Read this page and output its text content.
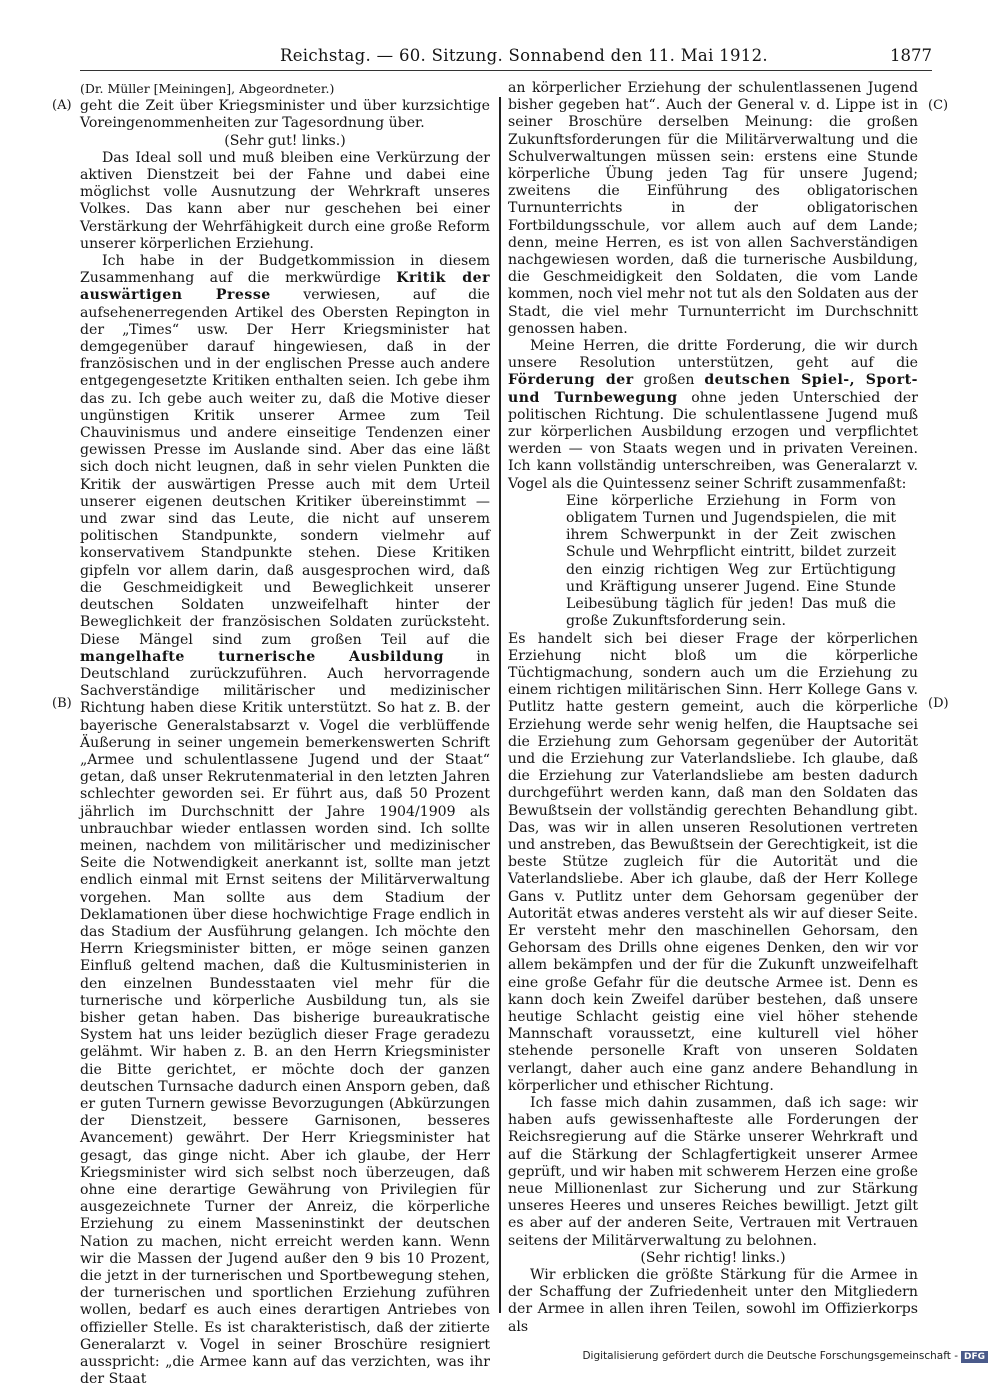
Reichstag. — 60. Sitzung. Sonnabend den 11. Mai 1912.	1877
(A)
(B)
(C)
(D)

(Dr. Müller [Meiningen], Abgeordneter.)

geht die Zeit über Kriegsminister und über kurzsichtige Voreingenommenheiten zur Tagesordnung über.

(Sehr gut! links.)

Das Ideal soll und muß bleiben eine Verkürzung der aktiven Dienstzeit bei der Fahne und dabei eine möglichst volle Ausnutzung der Wehrkraft unseres Volkes. Das kann aber nur geschehen bei einer Verstärkung der Wehrfähigkeit durch eine große Reform unserer körperlichen Erziehung.

Ich habe in der Budgetkommission in diesem Zusammenhang auf die merkwürdige Kritik der auswärtigen Presse verwiesen, auf die aufsehenerregenden Artikel des Obersten Repington in der „Times“ usw. Der Herr Kriegsminister hat demgegenüber darauf hingewiesen, daß in der französischen und in der englischen Presse auch andere entgegengesetzte Kritiken enthalten seien. Ich gebe ihm das zu. Ich gebe auch weiter zu, daß die Motive dieser ungünstigen Kritik unserer Armee zum Teil Chauvinismus und andere einseitige Tendenzen einer gewissen Presse im Auslande sind. Aber das eine läßt sich doch nicht leugnen, daß in sehr vielen Punkten die Kritik der auswärtigen Presse auch mit dem Urteil unserer eigenen deutschen Kritiker übereinstimmt — und zwar sind das Leute, die nicht auf unserem politischen Standpunkte, sondern vielmehr auf konservativem Standpunkte stehen. Diese Kritiken gipfeln vor allem darin, daß ausgesprochen wird, daß die Geschmeidigkeit und Beweglichkeit unserer deutschen Soldaten unzweifelhaft hinter der Beweglichkeit der französischen Soldaten zurücksteht. Diese Mängel sind zum großen Teil auf die mangelhafte turnerische Ausbildung in Deutschland zurückzuführen. Auch hervorragende Sachverständige militärischer und medizinischer Richtung haben diese Kritik unterstützt. So hat z. B. der bayerische Generalstabsarzt v. Vogel die verblüffende Äußerung in seiner ungemein bemerkenswerten Schrift „Armee und schulentlassene Jugend und der Staat“ getan, daß unser Rekrutenmaterial in den letzten Jahren schlechter geworden sei. Er führt aus, daß 50 Prozent jährlich im Durchschnitt der Jahre 1904/1909 als unbrauchbar wieder entlassen worden sind. Ich sollte meinen, nachdem von militärischer und medizinischer Seite die Notwendigkeit anerkannt ist, sollte man jetzt endlich einmal mit Ernst seitens der Militärverwaltung vorgehen. Man sollte aus dem Stadium der Deklamationen über diese hochwichtige Frage endlich in das Stadium der Ausführung gelangen. Ich möchte den Herrn Kriegsminister bitten, er möge seinen ganzen Einfluß geltend machen, daß die Kultusministerien in den einzelnen Bundesstaaten viel mehr für die turnerische und körperliche Ausbildung tun, als sie bisher getan haben. Das bisherige bureaukratische System hat uns leider bezüglich dieser Frage geradezu gelähmt. Wir haben z. B. an den Herrn Kriegsminister die Bitte gerichtet, er möchte doch der ganzen deutschen Turnsache dadurch einen Ansporn geben, daß er guten Turnern gewisse Bevorzugungen (Abkürzungen der Dienstzeit, bessere Garnisonen, besseres Avancement) gewährt. Der Herr Kriegsminister hat gesagt, das ginge nicht. Aber ich glaube, der Herr Kriegsminister wird sich selbst noch überzeugen, daß ohne eine derartige Gewährung von Privilegien für ausgezeichnete Turner der Anreiz, die körperliche Erziehung zu einem Masseninstinkt der deutschen Nation zu machen, nicht erreicht werden kann. Wenn wir die Massen der Jugend außer den 9 bis 10 Prozent, die jetzt in der turnerischen und Sportbewegung stehen, der turnerischen und sportlichen Erziehung zuführen wollen, bedarf es auch eines derartigen Antriebes von offizieller Stelle. Es ist charakteristisch, daß der zitierte Generalarzt v. Vogel in seiner Broschüre resigniert ausspricht: „die Armee kann auf das verzichten, was ihr der Staat

an körperlicher Erziehung der schulentlassenen Jugend bisher gegeben hat“. Auch der General v. d. Lippe ist in seiner Broschüre derselben Meinung: die großen Zukunftsforderungen für die Militärverwaltung und die Schulverwaltungen müssen sein: erstens eine Stunde körperliche Übung jeden Tag für unsere Jugend; zweitens die Einführung des obligatorischen Turnunterrichts in der obligatorischen Fortbildungsschule, vor allem auch auf dem Lande; denn, meine Herren, es ist von allen Sachverständigen nachgewiesen worden, daß die turnerische Ausbildung, die Geschmeidigkeit den Soldaten, die vom Lande kommen, noch viel mehr not tut als den Soldaten aus der Stadt, die viel mehr Turnunterricht im Durchschnitt genossen haben.

Meine Herren, die dritte Forderung, die wir durch unsere Resolution unterstützen, geht auf die Förderung der großen deutschen Spiel-, Sport- und Turnbewegung ohne jeden Unterschied der politischen Richtung. Die schulentlassene Jugend muß zur körperlichen Ausbildung erzogen und verpflichtet werden — von Staats wegen und in privaten Vereinen. Ich kann vollständig unterschreiben, was Generalarzt v. Vogel als die Quintessenz seiner Schrift zusammenfaßt:

Eine körperliche Erziehung in Form von obligatem Turnen und Jugendspielen, die mit ihrem Schwerpunkt in der Zeit zwischen Schule und Wehrpflicht eintritt, bildet zurzeit den einzig richtigen Weg zur Ertüchtigung und Kräftigung unserer Jugend. Eine Stunde Leibesübung täglich für jeden! Das muß die große Zukunftsforderung sein.

Es handelt sich bei dieser Frage der körperlichen Erziehung nicht bloß um die körperliche Tüchtigmachung, sondern auch um die Erziehung zu einem richtigen militärischen Sinn. Herr Kollege Gans v. Putlitz hatte gestern gemeint, auch die körperliche Erziehung werde sehr wenig helfen, die Hauptsache sei die Erziehung zum Gehorsam gegenüber der Autorität und die Erziehung zur Vaterlandsliebe. Ich glaube, daß die Erziehung zur Vaterlandsliebe am besten dadurch durchgeführt werden kann, daß man den Soldaten das Bewußtsein der vollständig gerechten Behandlung gibt. Das, was wir in allen unseren Resolutionen vertreten und anstreben, das Bewußtsein der Gerechtigkeit, ist die beste Stütze zugleich für die Autorität und die Vaterlandsliebe. Aber ich glaube, daß der Herr Kollege Gans v. Putlitz unter dem Gehorsam gegenüber der Autorität etwas anderes versteht als wir auf dieser Seite. Er versteht mehr den maschinellen Gehorsam, den Gehorsam des Drills ohne eigenes Denken, den wir vor allem bekämpfen und der für die Zukunft unzweifelhaft eine große Gefahr für die deutsche Armee ist. Denn es kann doch kein Zweifel darüber bestehen, daß unsere heutige Schlacht geistig eine viel höher stehende Mannschaft voraussetzt, eine kulturell viel höher stehende personelle Kraft von unseren Soldaten verlangt, daher auch eine ganz andere Behandlung in körperlicher und ethischer Richtung.

Ich fasse mich dahin zusammen, daß ich sage: wir haben aufs gewissenhafteste alle Forderungen der Reichsregierung auf die Stärke unserer Wehrkraft und auf die Stärkung der Schlagfertigkeit unserer Armee geprüft, und wir haben mit schwerem Herzen eine große neue Millionenlast zur Sicherung und zur Stärkung unseres Heeres und unseres Reiches bewilligt. Jetzt gilt es aber auf der anderen Seite, Vertrauen mit Vertrauen seitens der Militärverwaltung zu belohnen.

(Sehr richtig! links.)

Wir erblicken die größte Stärkung für die Armee in der Schaffung der Zufriedenheit unter den Mitgliedern der Armee in allen ihren Teilen, sowohl im Offizierkorps als

Digitalisierung gefördert durch die Deutsche Forschungsgemeinschaft - DFG
